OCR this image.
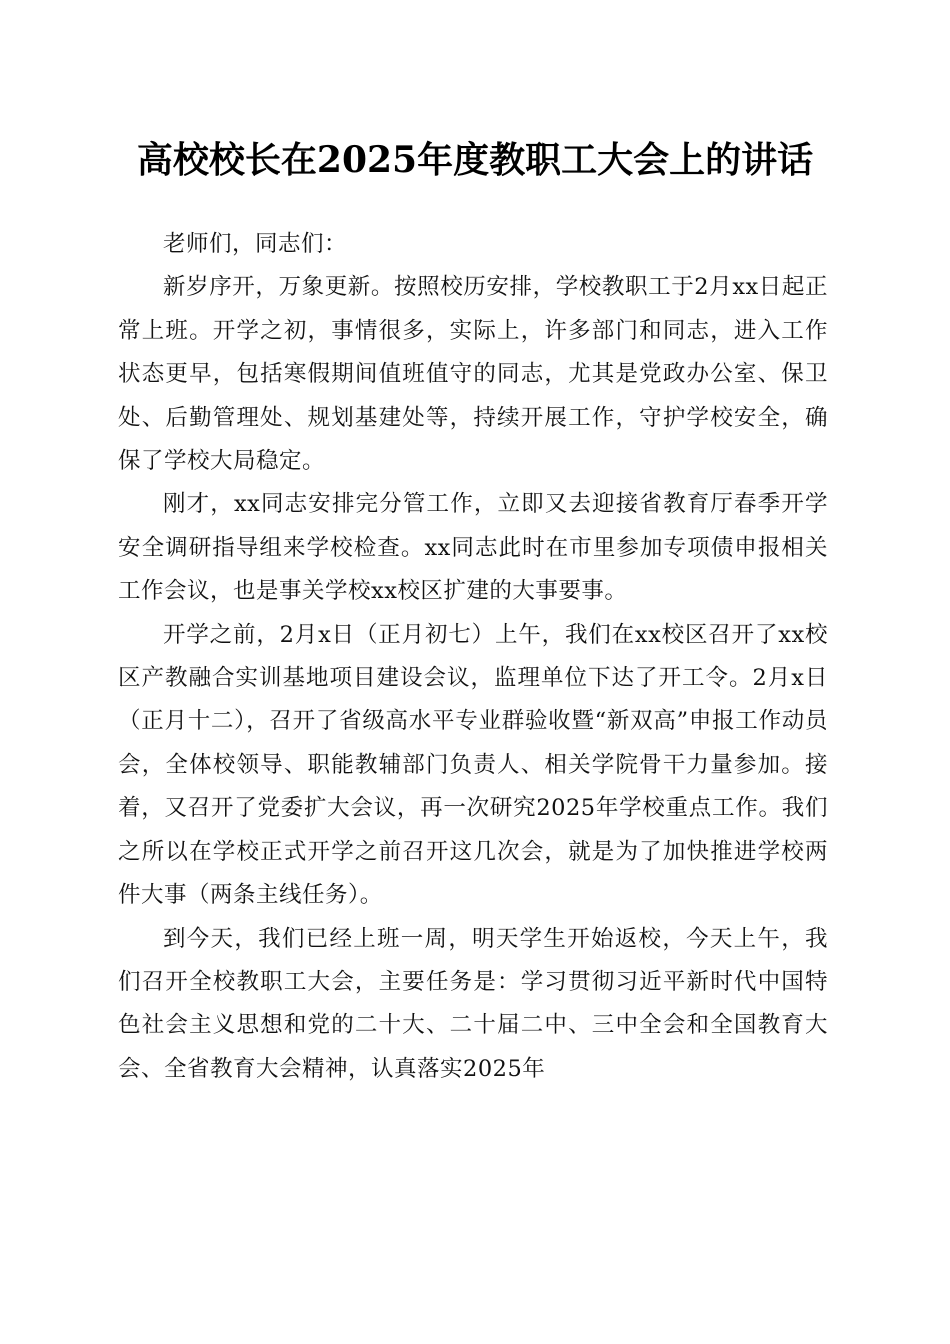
高校校长在2025年度教职工大会上的讲话

老师们，同志们：

新岁序开，万象更新。按照校历安排，学校教职工于2月xx日起正常上班。开学之初，事情很多，实际上，许多部门和同志，进入工作状态更早，包括寒假期间值班值守的同志，尤其是党政办公室、保卫处、后勤管理处、规划基建处等，持续开展工作，守护学校安全，确保了学校大局稳定。

刚才，xx同志安排完分管工作，立即又去迎接省教育厅春季开学安全调研指导组来学校检查。xx同志此时在市里参加专项债申报相关工作会议，也是事关学校xx校区扩建的大事要事。

开学之前，2月x日（正月初七）上午，我们在xx校区召开了xx校区产教融合实训基地项目建设会议，监理单位下达了开工令。2月x日（正月十二），召开了省级高水平专业群验收暨“新双高”申报工作动员会，全体校领导、职能教辅部门负责人、相关学院骨干力量参加。接着，又召开了党委扩大会议，再一次研究2025年学校重点工作。我们之所以在学校正式开学之前召开这几次会，就是为了加快推进学校两件大事（两条主线任务）。

到今天，我们已经上班一周，明天学生开始返校，今天上午，我们召开全校教职工大会，主要任务是：学习贯彻习近平新时代中国特色社会主义思想和党的二十大、二十届二中、三中全会和全国教育大会、全省教育大会精神，认真落实2025年
